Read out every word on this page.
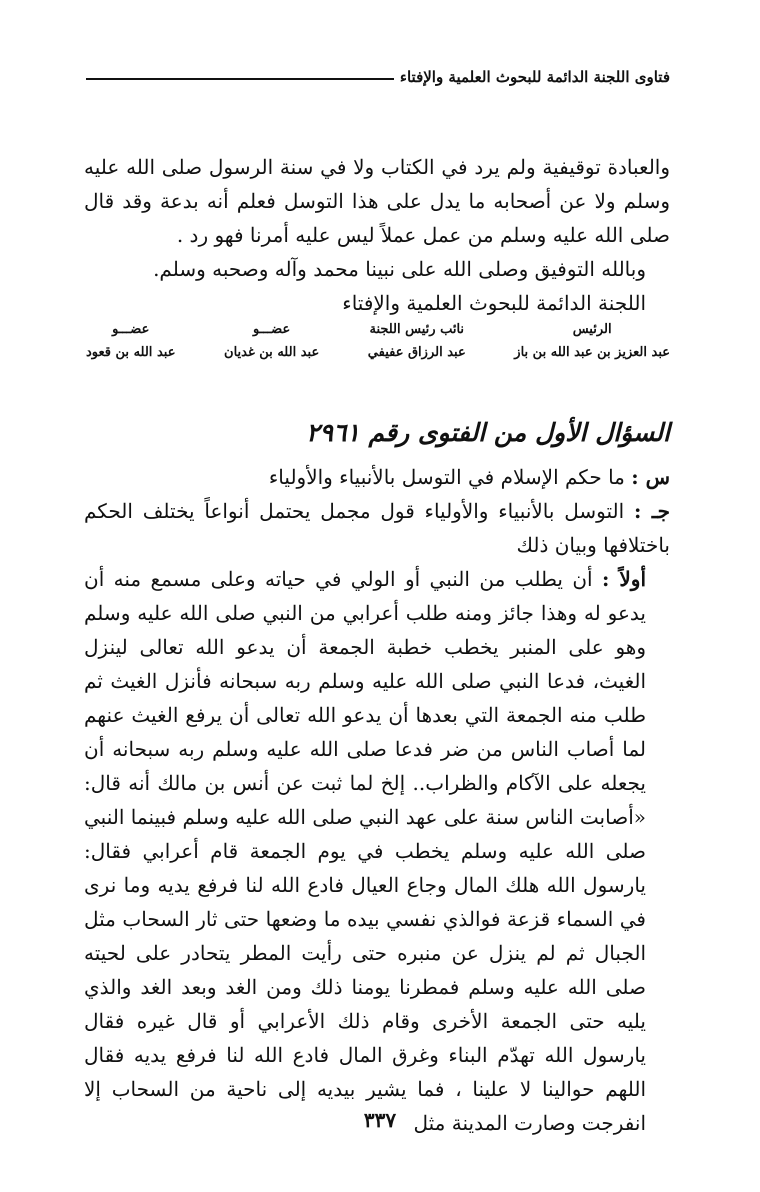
فتاوى اللجنة الدائمة للبحوث العلمية والإفتاء

والعبادة توقيفية ولم يرد في الكتاب ولا في سنة الرسول صلى الله عليه وسلم ولا عن أصحابه ما يدل على هذا التوسل فعلم أنه بدعة وقد قال صلى الله عليه وسلم من عمل عملاً ليس عليه أمرنا فهو رد .

وبالله التوفيق وصلى الله على نبينا محمد وآله وصحبه وسلم.

اللجنة الدائمة للبحوث العلمية والإفتاء

الرئيس
عبد العزيز بن عبد الله بن باز
نائب رئيس اللجنة
عبد الرزاق عفيفي
عضـــو
عبد الله بن غديان
عضـــو
عبد الله بن قعود
السؤال الأول من الفتوى رقم ٢٩٦١

س : ما حكم الإسلام في التوسل بالأنبياء والأولياء

جـ : التوسل بالأنبياء والأولياء قول مجمل يحتمل أنواعاً يختلف الحكم باختلافها وبيان ذلك

أولاً : أن يطلب من النبي أو الولي في حياته وعلى مسمع منه أن يدعو له وهذا جائز ومنه طلب أعرابي من النبي صلى الله عليه وسلم وهو على المنبر يخطب خطبة الجمعة أن يدعو الله تعالى لينزل الغيث، فدعا النبي صلى الله عليه وسلم ربه سبحانه فأنزل الغيث ثم طلب منه الجمعة التي بعدها أن يدعو الله تعالى أن يرفع الغيث عنهم لما أصاب الناس من ضر فدعا صلى الله عليه وسلم ربه سبحانه أن يجعله على الآكام والظراب.. إلخ لما ثبت عن أنس بن مالك أنه قال: «أصابت الناس سنة على عهد النبي صلى الله عليه وسلم فبينما النبي صلى الله عليه وسلم يخطب في يوم الجمعة قام أعرابي فقال: يارسول الله هلك المال وجاع العيال فادع الله لنا فرفع يديه وما نرى في السماء قزعة فوالذي نفسي بيده ما وضعها حتى ثار السحاب مثل الجبال ثم لم ينزل عن منبره حتى رأيت المطر يتحادر على لحيته صلى الله عليه وسلم فمطرنا يومنا ذلك ومن الغد وبعد الغد والذي يليه حتى الجمعة الأخرى وقام ذلك الأعرابي أو قال غيره فقال يارسول الله تهدّم البناء وغرق المال فادع الله لنا فرفع يديه فقال اللهم حوالينا لا علينا ، فما يشير بيديه إلى ناحية من السحاب إلا انفرجت وصارت المدينة مثل

٣٣٧
